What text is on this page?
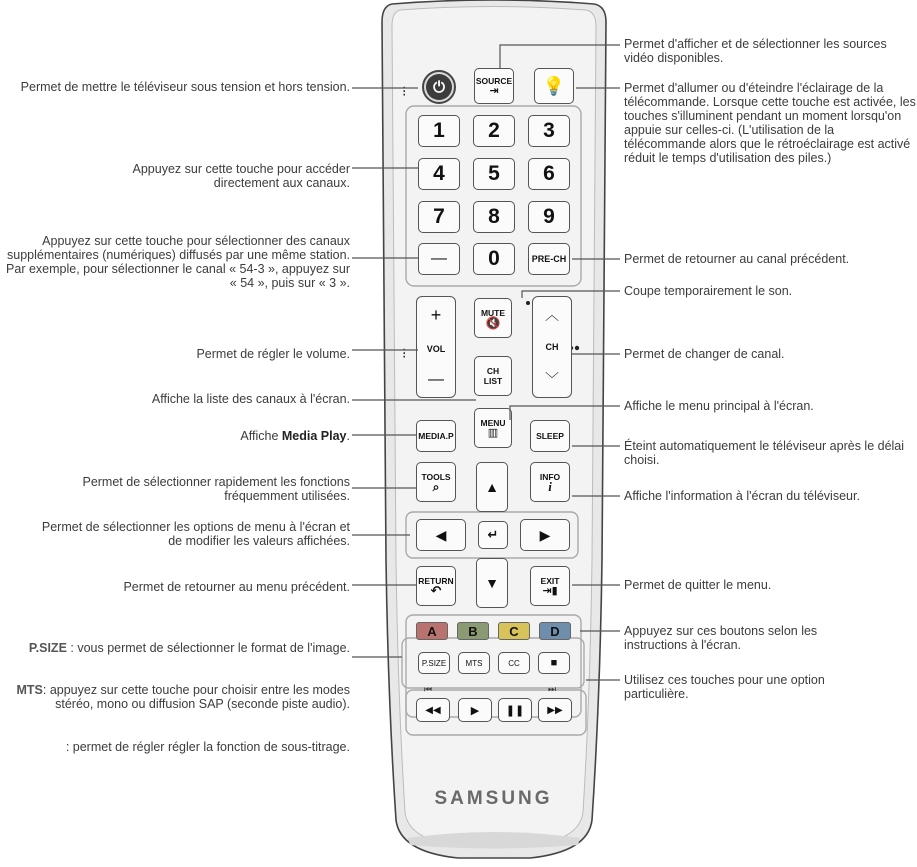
⁝
⁝
⏻	SOURCE
⇥ 💡
1	2	3
4	5	6
7	8	9
—	0	PRE-CH
+
VOL
—
MUTE
🔇
CH
LIST
︿
CH
﹀
MEDIA.P
MENU
▥	SLEEP
TOOLS
⌕
INFO
i
▲
◀	↵	▶
▼
RETURN
↶
EXIT
⇥▮
A	B	C	D
P.SIZE	MTS	CC	■
⏮	⏭
◀◀	▶ ❚❚ ▶▶
SAMSUNG
Permet de mettre le téléviseur sous tension et hors tension.
Appuyez sur cette touche pour accéder directement aux canaux.
Appuyez sur cette touche pour sélectionner des canaux supplémentaires (numériques) diffusés par une même station. Par exemple, pour sélectionner le canal « 54-3 », appuyez sur « 54 », puis sur « 3 ».
Permet de régler le volume.
Affiche la liste des canaux à l'écran.
Affiche Media Play.
Permet de sélectionner rapidement les fonctions fréquemment utilisées.
Permet de sélectionner les options de menu à l'écran et de modifier les valeurs affichées.
Permet de retourner au menu précédent.
P.SIZE : vous permet de sélectionner le format de l'image.
MTS: appuyez sur cette touche pour choisir entre les modes stéréo, mono ou diffusion SAP (seconde piste audio).
: permet de régler régler la fonction de sous-titrage.
Permet d'afficher et de sélectionner les sources vidéo disponibles.
Permet d'allumer ou d'éteindre l'éclairage de la télécommande. Lorsque cette touche est activée, les touches s'illuminent pendant un moment lorsqu'on appuie sur celles-ci. (L'utilisation de la télécommande alors que le rétroéclairage est activé réduit le temps d'utilisation des piles.)
Permet de retourner au canal précédent.
Coupe temporairement le son.
Permet de changer de canal.
Affiche le menu principal à l'écran.
Éteint automatiquement le téléviseur après le délai choisi.
Affiche l'information à l'écran du téléviseur.
Permet de quitter le menu.
Appuyez sur ces boutons selon les instructions à l'écran.
Utilisez ces touches pour une option particulière.
